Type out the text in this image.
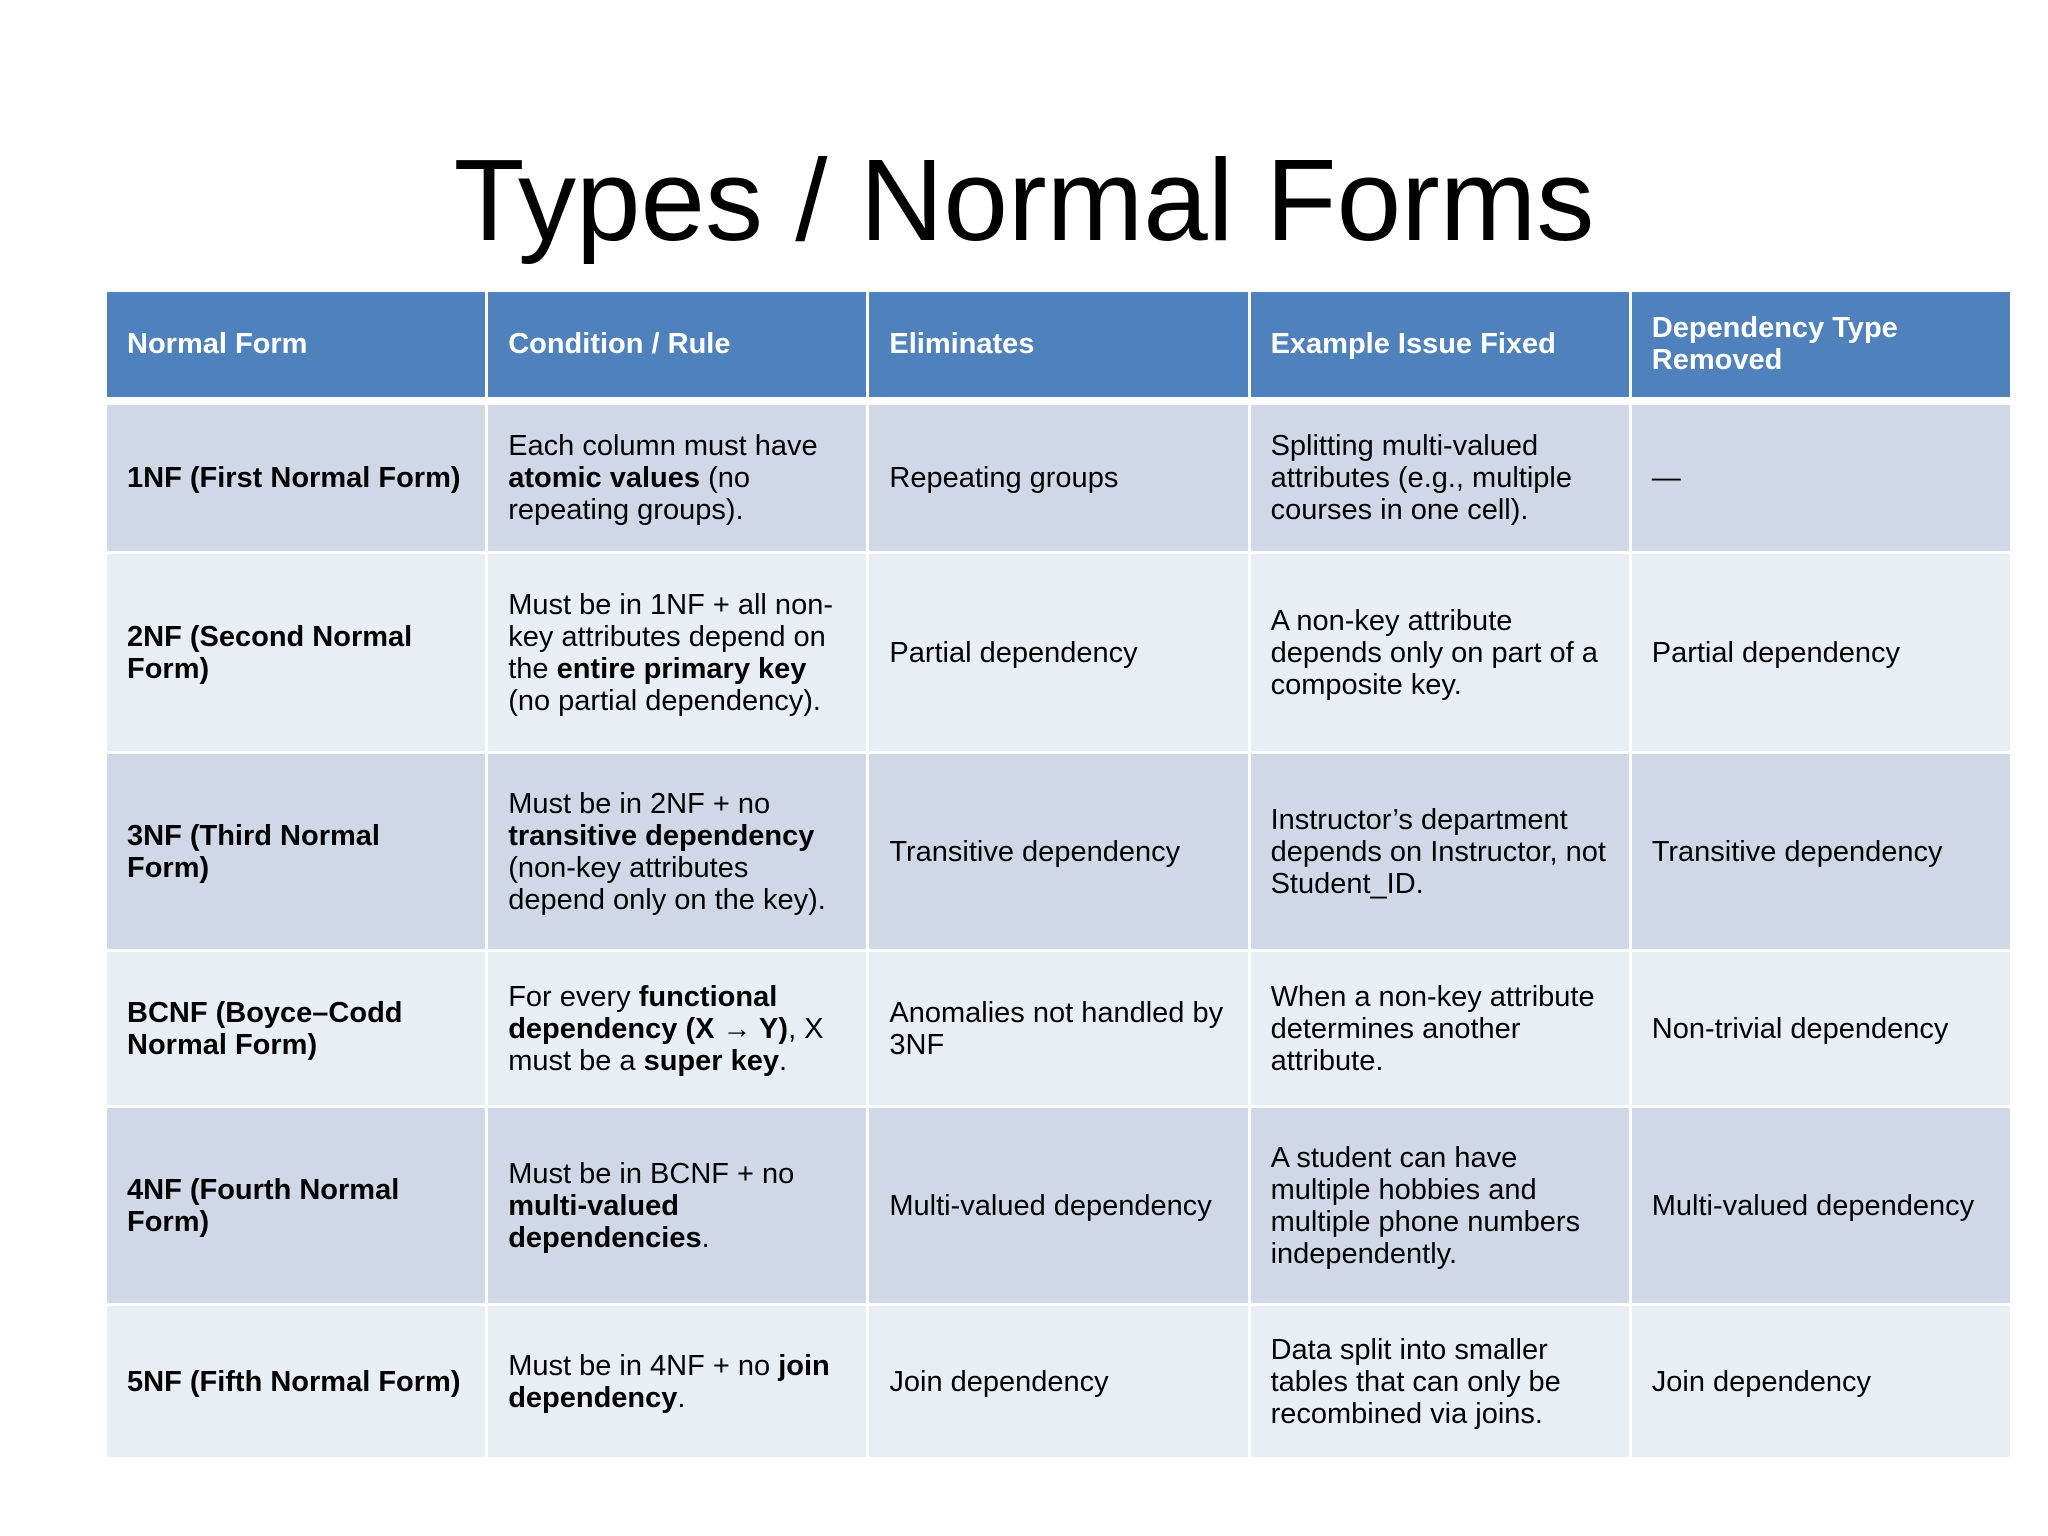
Types / Normal Forms
Normal Form	Condition / Rule	Eliminates	Example Issue Fixed	Dependency Type Removed
1NF (First Normal Form)	Each column must have atomic values (no repeating groups).	Repeating groups	Splitting multi-valued attributes (e.g., multiple courses in one cell).	—
2NF (Second Normal Form)	Must be in 1NF + all non-key attributes depend on the entire primary key (no partial dependency).	Partial dependency	A non-key attribute depends only on part of a composite key.	Partial dependency
3NF (Third Normal Form)	Must be in 2NF + no transitive dependency (non-key attributes depend only on the key).	Transitive dependency	Instructor’s department depends on Instructor, not Student_ID.	Transitive dependency
BCNF (Boyce–Codd Normal Form)	For every functional dependency (X → Y), X must be a super key.	Anomalies not handled by 3NF	When a non-key attribute determines another attribute.	Non-trivial dependency
4NF (Fourth Normal Form)	Must be in BCNF + no multi-valued dependencies.	Multi-valued dependency	A student can have multiple hobbies and multiple phone numbers independently.	Multi-valued dependency
5NF (Fifth Normal Form)	Must be in 4NF + no join dependency.	Join dependency	Data split into smaller tables that can only be recombined via joins.	Join dependency
